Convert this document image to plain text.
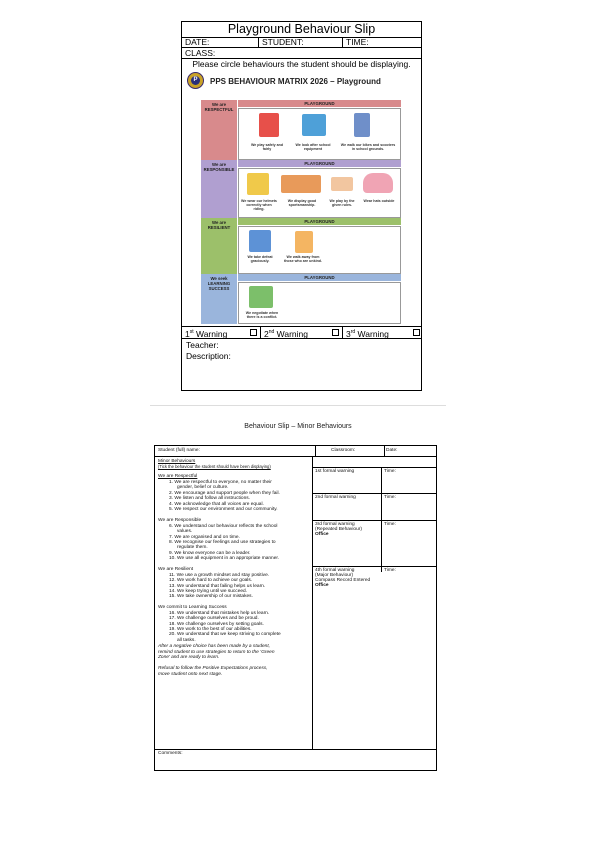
Playground Behaviour Slip
DATE:	STUDENT:	TIME:
CLASS:
Please circle behaviours the student should be displaying.
P	PPS BEHAVIOUR MATRIX 2026 – Playground
We are RESPECTFUL
PLAYGROUND
We play safely and fairly
We look after school equipment
We walk our bikes and scooters in school grounds.
We are RESPONSIBLE
PLAYGROUND
We wear our helmets correctly when riding.
We display good sportsmanship.
We play by the given rules.
Wear hats outside
We are RESILIENT
PLAYGROUND
We take defeat graciously.
We walk away from those who are unkind.
We seek LEARNING SUCCESS
PLAYGROUND
We negotiate when there is a conflict.
1st Warning	2nd Warning	3rd Warning
Teacher:
Description:
Behaviour Slip – Minor Behaviours
Student (full) name:	Classroom:	Date:
1st formal warning	Time:
2nd formal warning	Time:
3rd formal warning
(Repeated Behaviour)
Office
Time:
4th formal warning
(Major Behaviour)
Compass Record Entered
Office
Time:
Minor Behaviours
(Tick the behaviour the student should have been displaying)
We are Respectful
1. We are respectful to everyone, no matter their
gender, belief or culture.
2. We encourage and support people when they fail.
3. We listen and follow all instructions.
4. We acknowledge that all voices are equal.
5. We respect our environment and our community.
We are Responsible
6. We understand our behaviour reflects the school
values.
7. We are organised and on time.
8. We recognise our feelings and use strategies to
regulate them.
9. We know everyone can be a leader.
10. We use all equipment in an appropriate manner.
We are Resilient
11. We use a growth mindset and stay positive.
12. We work hard to achieve our goals.
13. We understand that failing helps us learn.
14. We keep trying until we succeed.
15. We take ownership of our mistakes.
We commit to Learning Success
16. We understand that mistakes help us learn.
17. We challenge ourselves and be proud.
18. We challenge ourselves by setting goals.
19. We work to the best of our abilities.
20. We understand that we keep striving to complete
all tasks.
After a negative choice has been made by a student,
remind student to use strategies to return to the ‘Green
Zone’ and are ready to learn.
Refusal to follow the Positive Expectations process,
move student onto next stage.
Comments:
